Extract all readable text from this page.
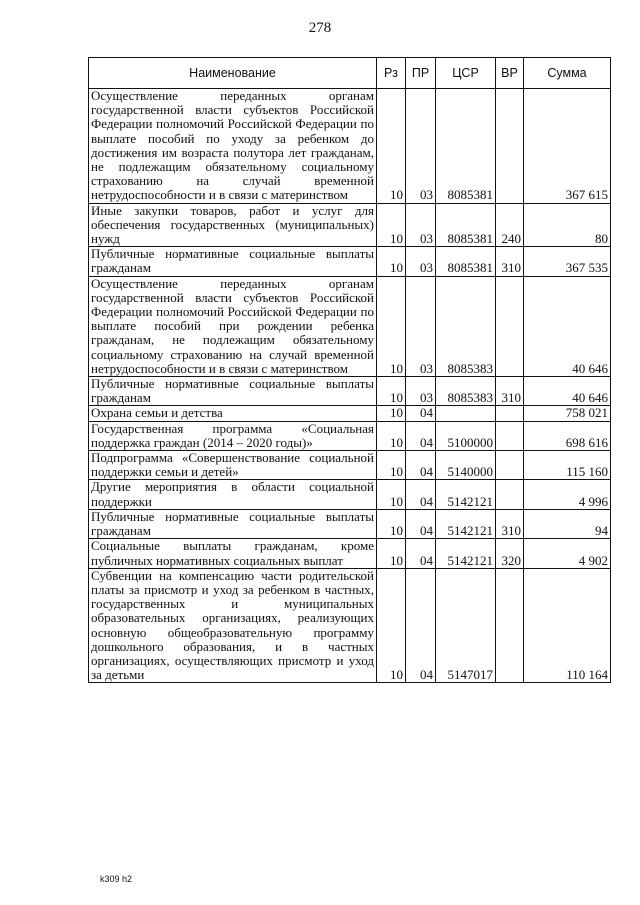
278
Наименование	Рз	ПР	ЦСР	ВР	Сумма
Осуществление переданных органам государственной власти субъектов Российской Федерации полномочий Российской Федерации по выплате пособий по уходу за ребенком до достижения им возраста полутора лет гражданам, не подлежащим обязательному социальному страхованию на случай временной нетрудоспособности и в связи с материнством	10	03	8085381		367 615
Иные закупки товаров, работ и услуг для обеспечения государственных (муниципальных) нужд	10	03	8085381	240	80
Публичные нормативные социальные выплаты гражданам	10	03	8085381	310	367 535
Осуществление переданных органам государственной власти субъектов Российской Федерации полномочий Российской Федерации по выплате пособий при рождении ребенка гражданам, не подлежащим обязательному социальному страхованию на случай временной нетрудоспособности и в связи с материнством	10	03	8085383		40 646
Публичные нормативные социальные выплаты гражданам	10	03	8085383	310	40 646
Охрана семьи и детства	10	04			758 021
Государственная программа «Социальная поддержка граждан (2014 – 2020 годы)»	10	04	5100000		698 616
Подпрограмма «Совершенствование социальной поддержки семьи и детей»	10	04	5140000		115 160
Другие мероприятия в области социальной поддержки	10	04	5142121		4 996
Публичные нормативные социальные выплаты гражданам	10	04	5142121	310	94
Социальные выплаты гражданам, кроме публичных нормативных социальных выплат	10	04	5142121	320	4 902
Субвенции на компенсацию части родительской платы за присмотр и уход за ребенком в частных, государственных и муниципальных образовательных организациях, реализующих основную общеобразовательную программу дошкольного образования, и в частных организациях, осуществляющих присмотр и уход за детьми	10	04	5147017		110 164
k309 h2
